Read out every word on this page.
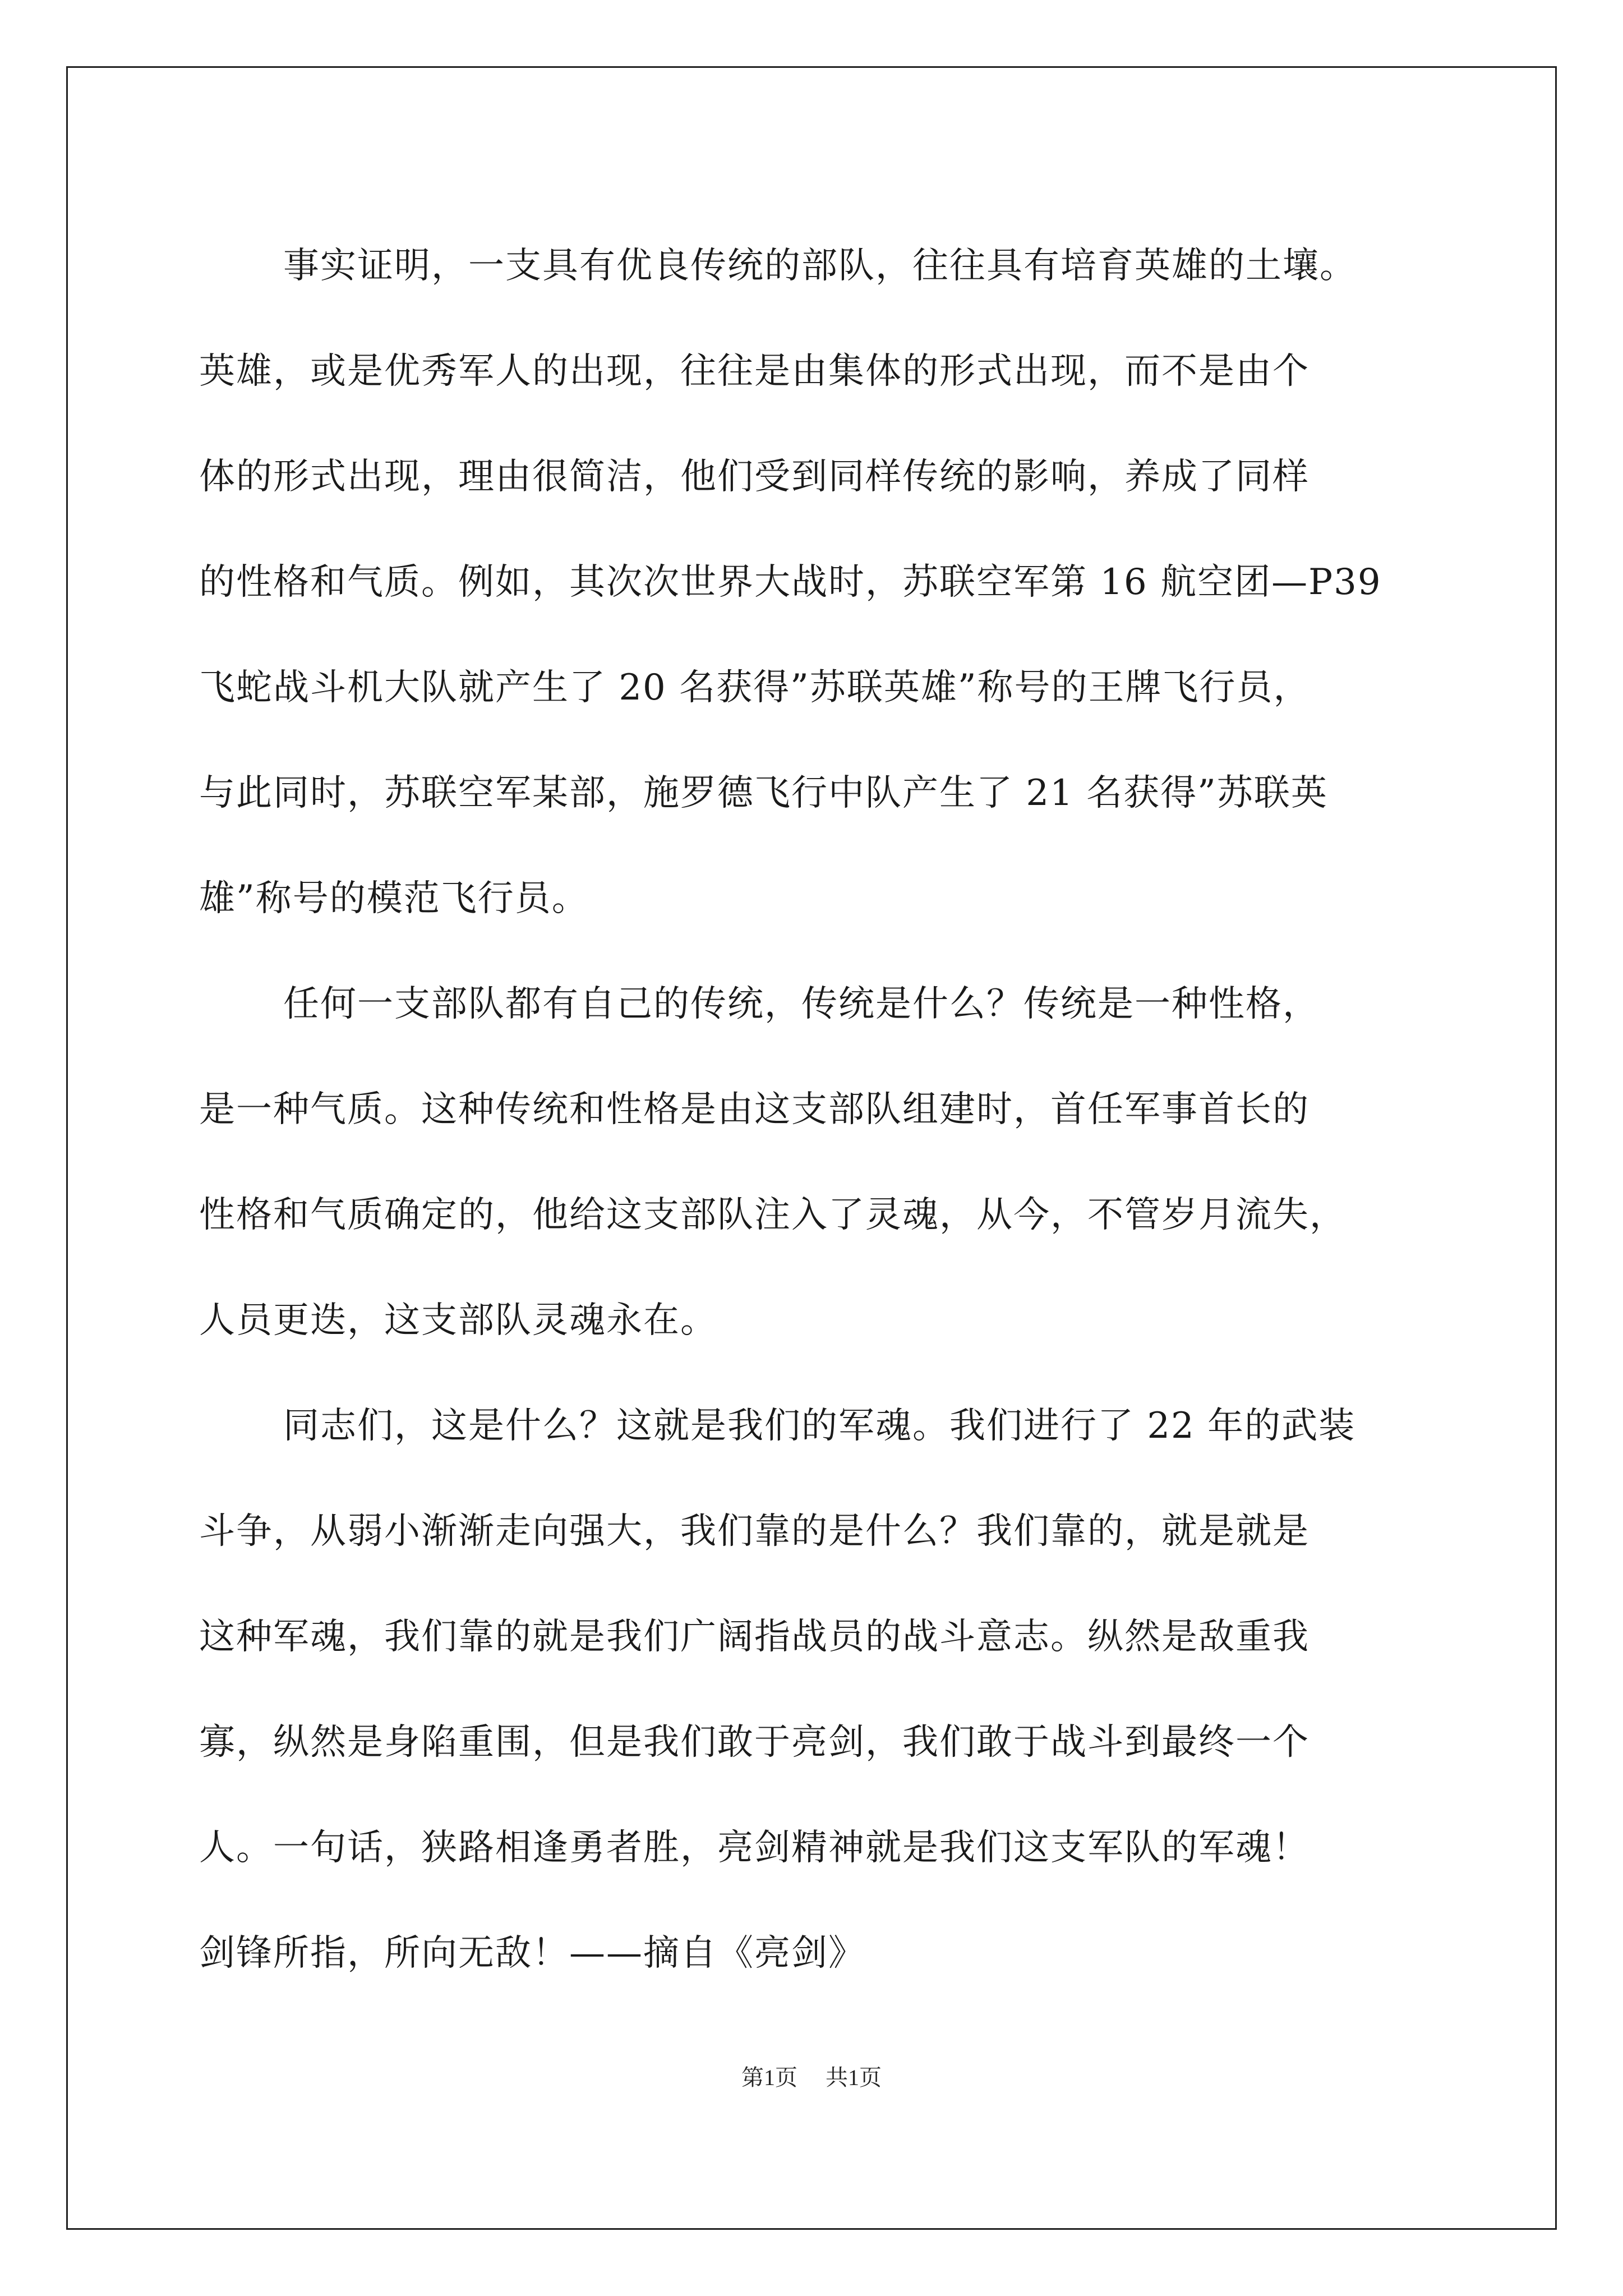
事实证明，一支具有优良传统的部队，往往具有培育英雄的土壤。
英雄，或是优秀军人的出现，往往是由集体的形式出现，而不是由个
体的形式出现，理由很简洁，他们受到同样传统的影响，养成了同样
的性格和气质。例如，其次次世界大战时，苏联空军第 16 航空团—P39
飞蛇战斗机大队就产生了 20 名获得”苏联英雄”称号的王牌飞行员，
与此同时，苏联空军某部，施罗德飞行中队产生了 21 名获得”苏联英
雄”称号的模范飞行员。
任何一支部队都有自己的传统，传统是什么？传统是一种性格，
是一种气质。这种传统和性格是由这支部队组建时，首任军事首长的
性格和气质确定的，他给这支部队注入了灵魂，从今，不管岁月流失，
人员更迭，这支部队灵魂永在。
同志们，这是什么？这就是我们的军魂。我们进行了 22 年的武装
斗争，从弱小渐渐走向强大，我们靠的是什么？我们靠的，就是就是
这种军魂，我们靠的就是我们广阔指战员的战斗意志。纵然是敌重我
寡，纵然是身陷重围，但是我们敢于亮剑，我们敢于战斗到最终一个
人。一句话，狭路相逢勇者胜，亮剑精神就是我们这支军队的军魂！
剑锋所指，所向无敌！——摘自《亮剑》
第1页 共1页
